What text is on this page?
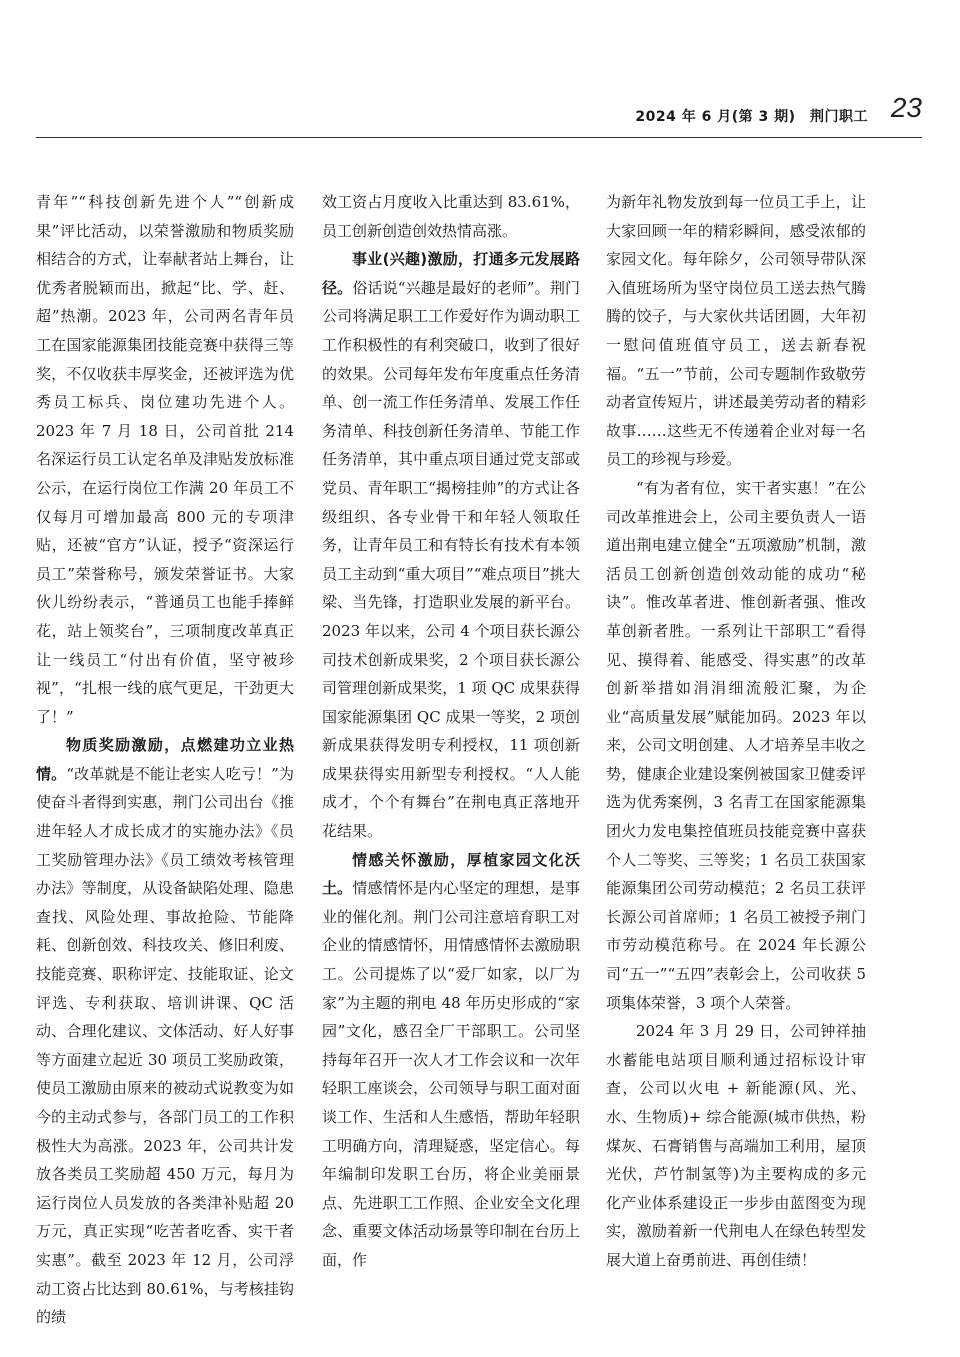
2024 年 6 月(第 3 期)　 荆门职工 23

青年”“科技创新先进个人”“创新成果”评比活动，以荣誉激励和物质奖励相结合的方式，让奉献者站上舞台，让优秀者脱颖而出，掀起“比、学、赶、超”热潮。2023 年，公司两名青年员工在国家能源集团技能竞赛中获得三等奖，不仅收获丰厚奖金，还被评选为优秀员工标兵、岗位建功先进个人。2023 年 7 月 18 日，公司首批 214 名深运行员工认定名单及津贴发放标准公示，在运行岗位工作满 20 年员工不仅每月可增加最高 800 元的专项津贴，还被“官方”认证，授予“资深运行员工”荣誉称号，颁发荣誉证书。大家伙儿纷纷表示，“普通员工也能手捧鲜花，站上领奖台”，三项制度改革真正让一线员工“付出有价值，坚守被珍视”，“扎根一线的底气更足，干劲更大了！”

物质奖励激励，点燃建功立业热情。“改革就是不能让老实人吃亏！”为使奋斗者得到实惠，荆门公司出台《推进年轻人才成长成才的实施办法》《员工奖励管理办法》《员工绩效考核管理办法》等制度，从设备缺陷处理、隐患查找、风险处理、事故抢险、节能降耗、创新创效、科技攻关、修旧利废、技能竞赛、职称评定、技能取证、论文评选、专利获取、培训讲课、QC 活动、合理化建议、文体活动、好人好事等方面建立起近 30 项员工奖励政策，使员工激励由原来的被动式说教变为如今的主动式参与，各部门员工的工作积极性大为高涨。2023 年，公司共计发放各类员工奖励超 450 万元，每月为运行岗位人员发放的各类津补贴超 20 万元，真正实现“吃苦者吃香、实干者实惠”。截至 2023 年 12 月，公司浮动工资占比达到 80.61%，与考核挂钩的绩

效工资占月度收入比重达到 83.61%，员工创新创造创效热情高涨。

事业(兴趣)激励，打通多元发展路径。俗话说“兴趣是最好的老师”。荆门公司将满足职工工作爱好作为调动职工工作积极性的有利突破口，收到了很好的效果。公司每年发布年度重点任务清单、创一流工作任务清单、发展工作任务清单、科技创新任务清单、节能工作任务清单，其中重点项目通过党支部或党员、青年职工“揭榜挂帅”的方式让各级组织、各专业骨干和年轻人领取任务，让青年员工和有特长有技术有本领员工主动到“重大项目”“难点项目”挑大梁、当先锋，打造职业发展的新平台。2023 年以来，公司 4 个项目获长源公司技术创新成果奖，2 个项目获长源公司管理创新成果奖，1 项 QC 成果获得国家能源集团 QC 成果一等奖，2 项创新成果获得发明专利授权，11 项创新成果获得实用新型专利授权。“人人能成才，个个有舞台”在荆电真正落地开花结果。

情感关怀激励，厚植家园文化沃土。情感情怀是内心坚定的理想，是事业的催化剂。荆门公司注意培育职工对企业的情感情怀，用情感情怀去激励职工。公司提炼了以“爱厂如家，以厂为家”为主题的荆电 48 年历史形成的“家园”文化，感召全厂干部职工。公司坚持每年召开一次人才工作会议和一次年轻职工座谈会，公司领导与职工面对面谈工作、生活和人生感悟，帮助年轻职工明确方向，清理疑惑，坚定信心。每年编制印发职工台历，将企业美丽景点、先进职工工作照、企业安全文化理念、重要文体活动场景等印制在台历上面，作

为新年礼物发放到每一位员工手上，让大家回顾一年的精彩瞬间，感受浓郁的家园文化。每年除夕，公司领导带队深入值班场所为坚守岗位员工送去热气腾腾的饺子，与大家伙共话团圆，大年初一慰问值班值守员工，送去新春祝福。“五一”节前，公司专题制作致敬劳动者宣传短片，讲述最美劳动者的精彩故事……这些无不传递着企业对每一名员工的珍视与珍爱。

“有为者有位，实干者实惠！”在公司改革推进会上，公司主要负责人一语道出荆电建立健全“五项激励”机制，激活员工创新创造创效动能的成功“秘诀”。惟改革者进、惟创新者强、惟改革创新者胜。一系列让干部职工“看得见、摸得着、能感受、得实惠”的改革创新举措如涓涓细流般汇聚，为企业“高质量发展”赋能加码。2023 年以来，公司文明创建、人才培养呈丰收之势，健康企业建设案例被国家卫健委评选为优秀案例，3 名青工在国家能源集团火力发电集控值班员技能竞赛中喜获个人二等奖、三等奖；1 名员工获国家能源集团公司劳动模范；2 名员工获评长源公司首席师；1 名员工被授予荆门市劳动模范称号。在 2024 年长源公司“五一”“五四”表彰会上，公司收获 5 项集体荣誉，3 项个人荣誉。

2024 年 3 月 29 日，公司钟祥抽水蓄能电站项目顺利通过招标设计审查，公司以火电 + 新能源(风、光、水、生物质)+ 综合能源(城市供热，粉煤灰、石膏销售与高端加工利用，屋顶光伏，芦竹制氢等)为主要构成的多元化产业体系建设正一步步由蓝图变为现实，激励着新一代荆电人在绿色转型发展大道上奋勇前进、再创佳绩！
